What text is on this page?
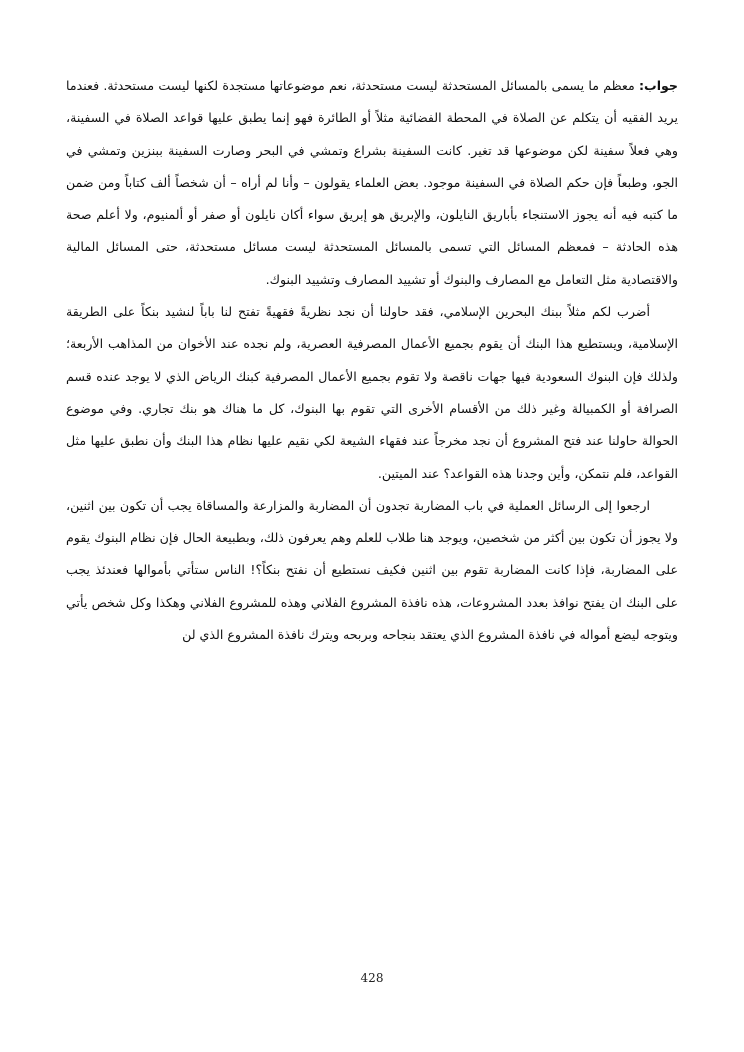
جواب: معظم ما يسمى بالمسائل المستحدثة ليست مستحدثة، نعم موضوعاتها مستجدة لكنها ليست مستحدثة. فعندما يريد الفقيه أن يتكلم عن الصلاة في المحطة الفضائية مثلاً أو الطائرة فهو إنما يطبق عليها قواعد الصلاة في السفينة، وهي فعلاً سفينة لكن موضوعها قد تغير. كانت السفينة بشراع وتمشي في البحر وصارت السفينة ببنزين وتمشي في الجو، وطبعاً فإن حكم الصلاة في السفينة موجود. بعض العلماء يقولون – وأنا لم أراه – أن شخصاً ألف كتاباً ومن ضمن ما كتبه فيه أنه يجوز الاستنجاء بأباريق النايلون، والإبريق هو إبريق سواء أكان نايلون أو صفر أو ألمنيوم، ولا أعلم صحة هذه الحادثة – فمعظم المسائل التي تسمى بالمسائل المستحدثة ليست مسائل مستحدثة، حتى المسائل المالية والاقتصادية مثل التعامل مع المصارف والبنوك أو تشييد المصارف وتشييد البنوك.

أضرب لكم مثلاً ببنك البحرين الإسلامي، فقد حاولنا أن نجد نظريةً فقهيةً تفتح لنا باباً لنشيد بنكاً على الطريقة الإسلامية، ويستطيع هذا البنك أن يقوم بجميع الأعمال المصرفية العصرية، ولم نجده عند الأخوان من المذاهب الأربعة؛ ولذلك فإن البنوك السعودية فيها جهات ناقصة ولا تقوم بجميع الأعمال المصرفية كبنك الرياض الذي لا يوجد عنده قسم الصرافة أو الكمبيالة وغير ذلك من الأقسام الأخرى التي تقوم بها البنوك، كل ما هناك هو بنك تجاري. وفي موضوع الحوالة حاولنا عند فتح المشروع أن نجد مخرجاً عند فقهاء الشيعة لكي نقيم عليها نظام هذا البنك وأن نطبق عليها مثل القواعد، فلم نتمكن، وأين وجدنا هذه القواعد؟ عند الميتين.

ارجعوا إلى الرسائل العملية في باب المضاربة تجدون أن المضاربة والمزارعة والمساقاة يجب أن تكون بين اثنين، ولا يجوز أن تكون بين أكثر من شخصين، ويوجد هنا طلاب للعلم وهم يعرفون ذلك، وبطبيعة الحال فإن نظام البنوك يقوم على المضاربة، فإذا كانت المضاربة تقوم بين اثنين فكيف نستطيع أن نفتح بنكاً؟! الناس ستأتي بأموالها فعندئذ يجب على البنك ان يفتح نوافذ بعدد المشروعات، هذه نافذة المشروع الفلاني وهذه للمشروع الفلاني وهكذا وكل شخص يأتي ويتوجه ليضع أمواله في نافذة المشروع الذي يعتقد بنجاحه وبربحه ويترك نافذة المشروع الذي لن

428
